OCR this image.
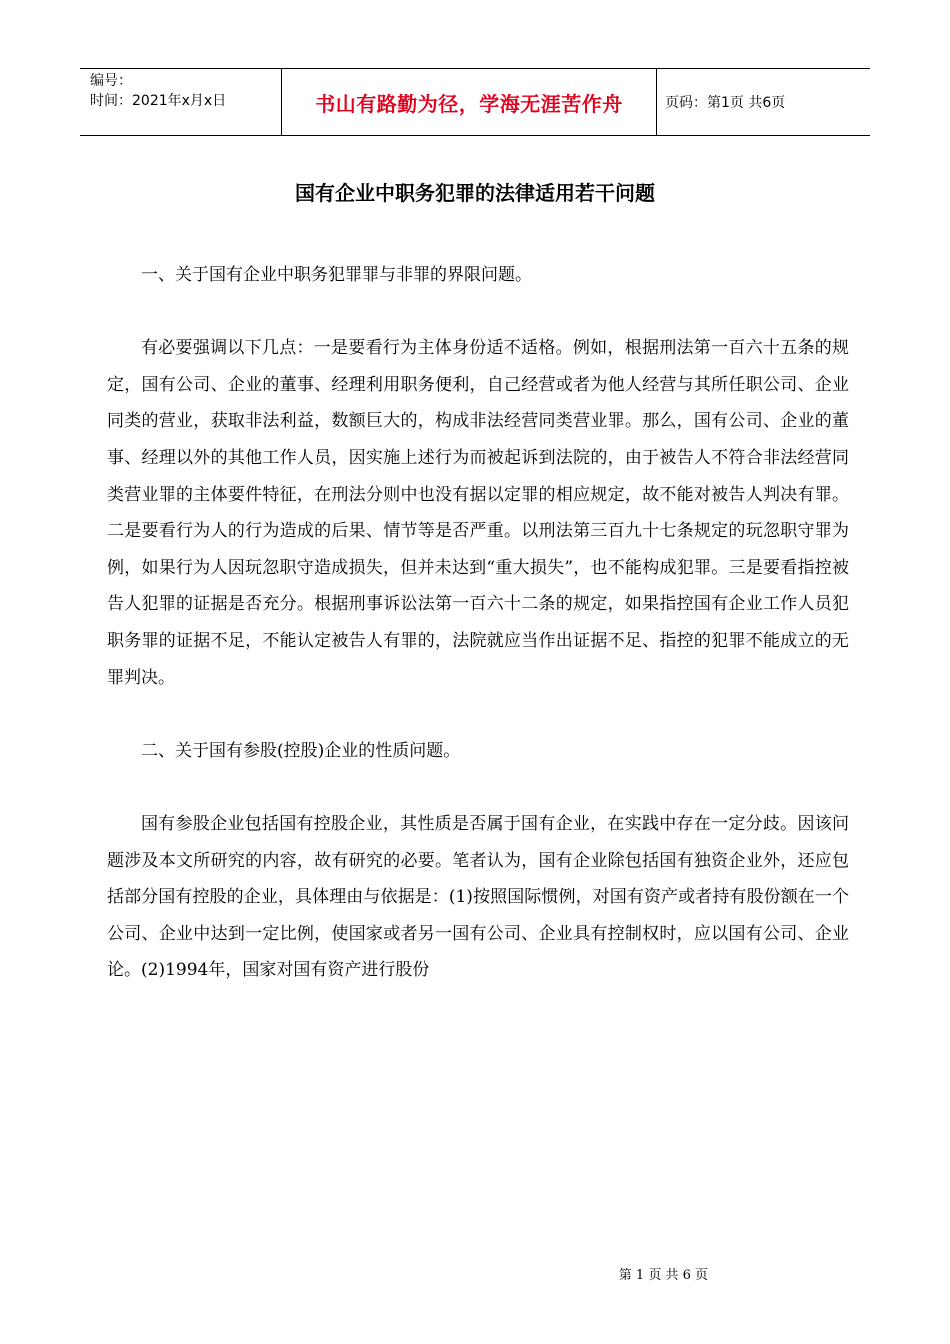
编号：
时间：2021年x月x日	书山有路勤为径，学海无涯苦作舟	页码：第1页 共6页
国有企业中职务犯罪的法律适用若干问题

一、关于国有企业中职务犯罪罪与非罪的界限问题。

有必要强调以下几点：一是要看行为主体身份适不适格。例如，根据刑法第一百六十五条的规定，国有公司、企业的董事、经理利用职务便利，自己经营或者为他人经营与其所任职公司、企业同类的营业，获取非法利益，数额巨大的，构成非法经营同类营业罪。那么，国有公司、企业的董事、经理以外的其他工作人员，因实施上述行为而被起诉到法院的，由于被告人不符合非法经营同类营业罪的主体要件特征，在刑法分则中也没有据以定罪的相应规定，故不能对被告人判决有罪。二是要看行为人的行为造成的后果、情节等是否严重。以刑法第三百九十七条规定的玩忽职守罪为例，如果行为人因玩忽职守造成损失，但并未达到“重大损失”，也不能构成犯罪。三是要看指控被告人犯罪的证据是否充分。根据刑事诉讼法第一百六十二条的规定，如果指控国有企业工作人员犯职务罪的证据不足，不能认定被告人有罪的，法院就应当作出证据不足、指控的犯罪不能成立的无罪判决。

二、关于国有参股(控股)企业的性质问题。

国有参股企业包括国有控股企业，其性质是否属于国有企业，在实践中存在一定分歧。因该问题涉及本文所研究的内容，故有研究的必要。笔者认为，国有企业除包括国有独资企业外，还应包括部分国有控股的企业，具体理由与依据是：(1)按照国际惯例，对国有资产或者持有股份额在一个公司、企业中达到一定比例，使国家或者另一国有公司、企业具有控制权时，应以国有公司、企业论。(2)1994年，国家对国有资产进行股份

第 1 页 共 6 页
